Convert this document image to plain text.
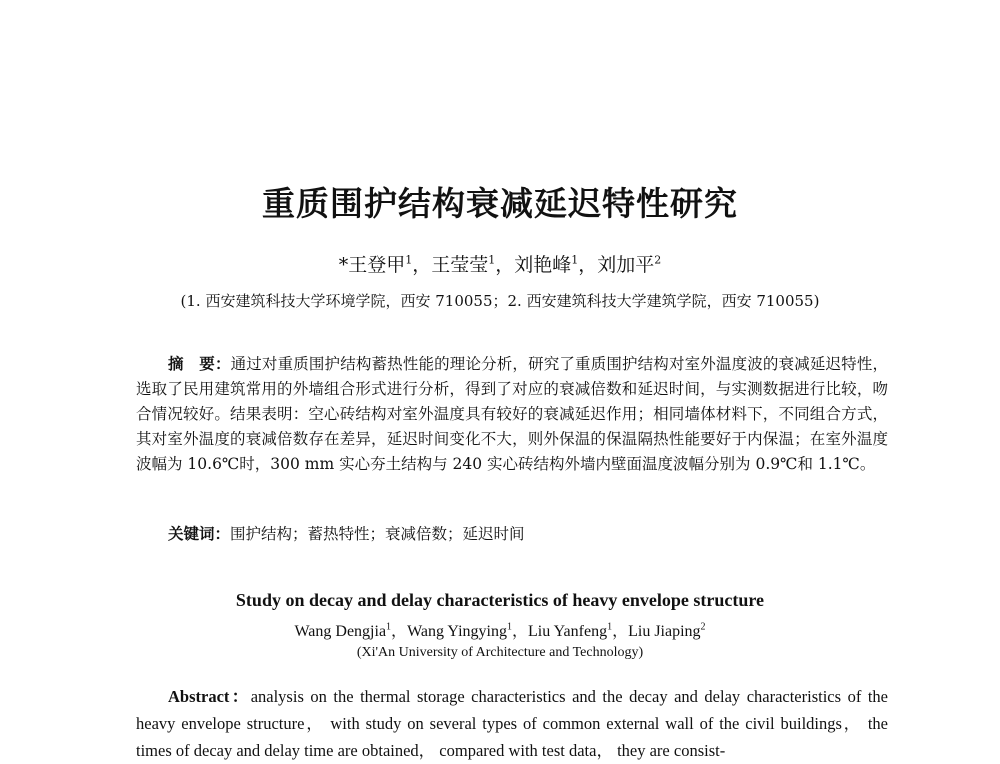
重质围护结构衰减延迟特性研究
*王登甲$^1$，王莹莹$^1$，刘艳峰$^1$，刘加平$^2$
(1. 西安建筑科技大学环境学院，西安 710055；2. 西安建筑科技大学建筑学院，西安 710055)
摘　要：通过对重质围护结构蓄热性能的理论分析，研究了重质围护结构对室外温度波的衰减延迟特性，选取了民用建筑常用的外墙组合形式进行分析，得到了对应的衰减倍数和延迟时间，与实测数据进行比较，吻合情况较好。结果表明：空心砖结构对室外温度具有较好的衰减延迟作用；相同墙体材料下，不同组合方式，其对室外温度的衰减倍数存在差异，延迟时间变化不大，则外保温的保温隔热性能要好于内保温；在室外温度波幅为 10.6℃时，300 mm 实心夯土结构与 240 实心砖结构外墙内壁面温度波幅分别为 0.9℃和 1.1℃。
关键词：围护结构；蓄热特性；衰减倍数；延迟时间
Study on decay and delay characteristics of heavy envelope structure
Wang Dengjia$^1$，Wang Yingying$^1$，Liu Yanfeng$^1$，Liu Jiaping$^2$
(Xi'An University of Architecture and Technology)
Abstract：analysis on the thermal storage characteristics and the decay and delay characteristics of the heavy envelope structure， with study on several types of common external wall of the civil buildings， the times of decay and delay time are obtained， compared with test data， they are consist-
